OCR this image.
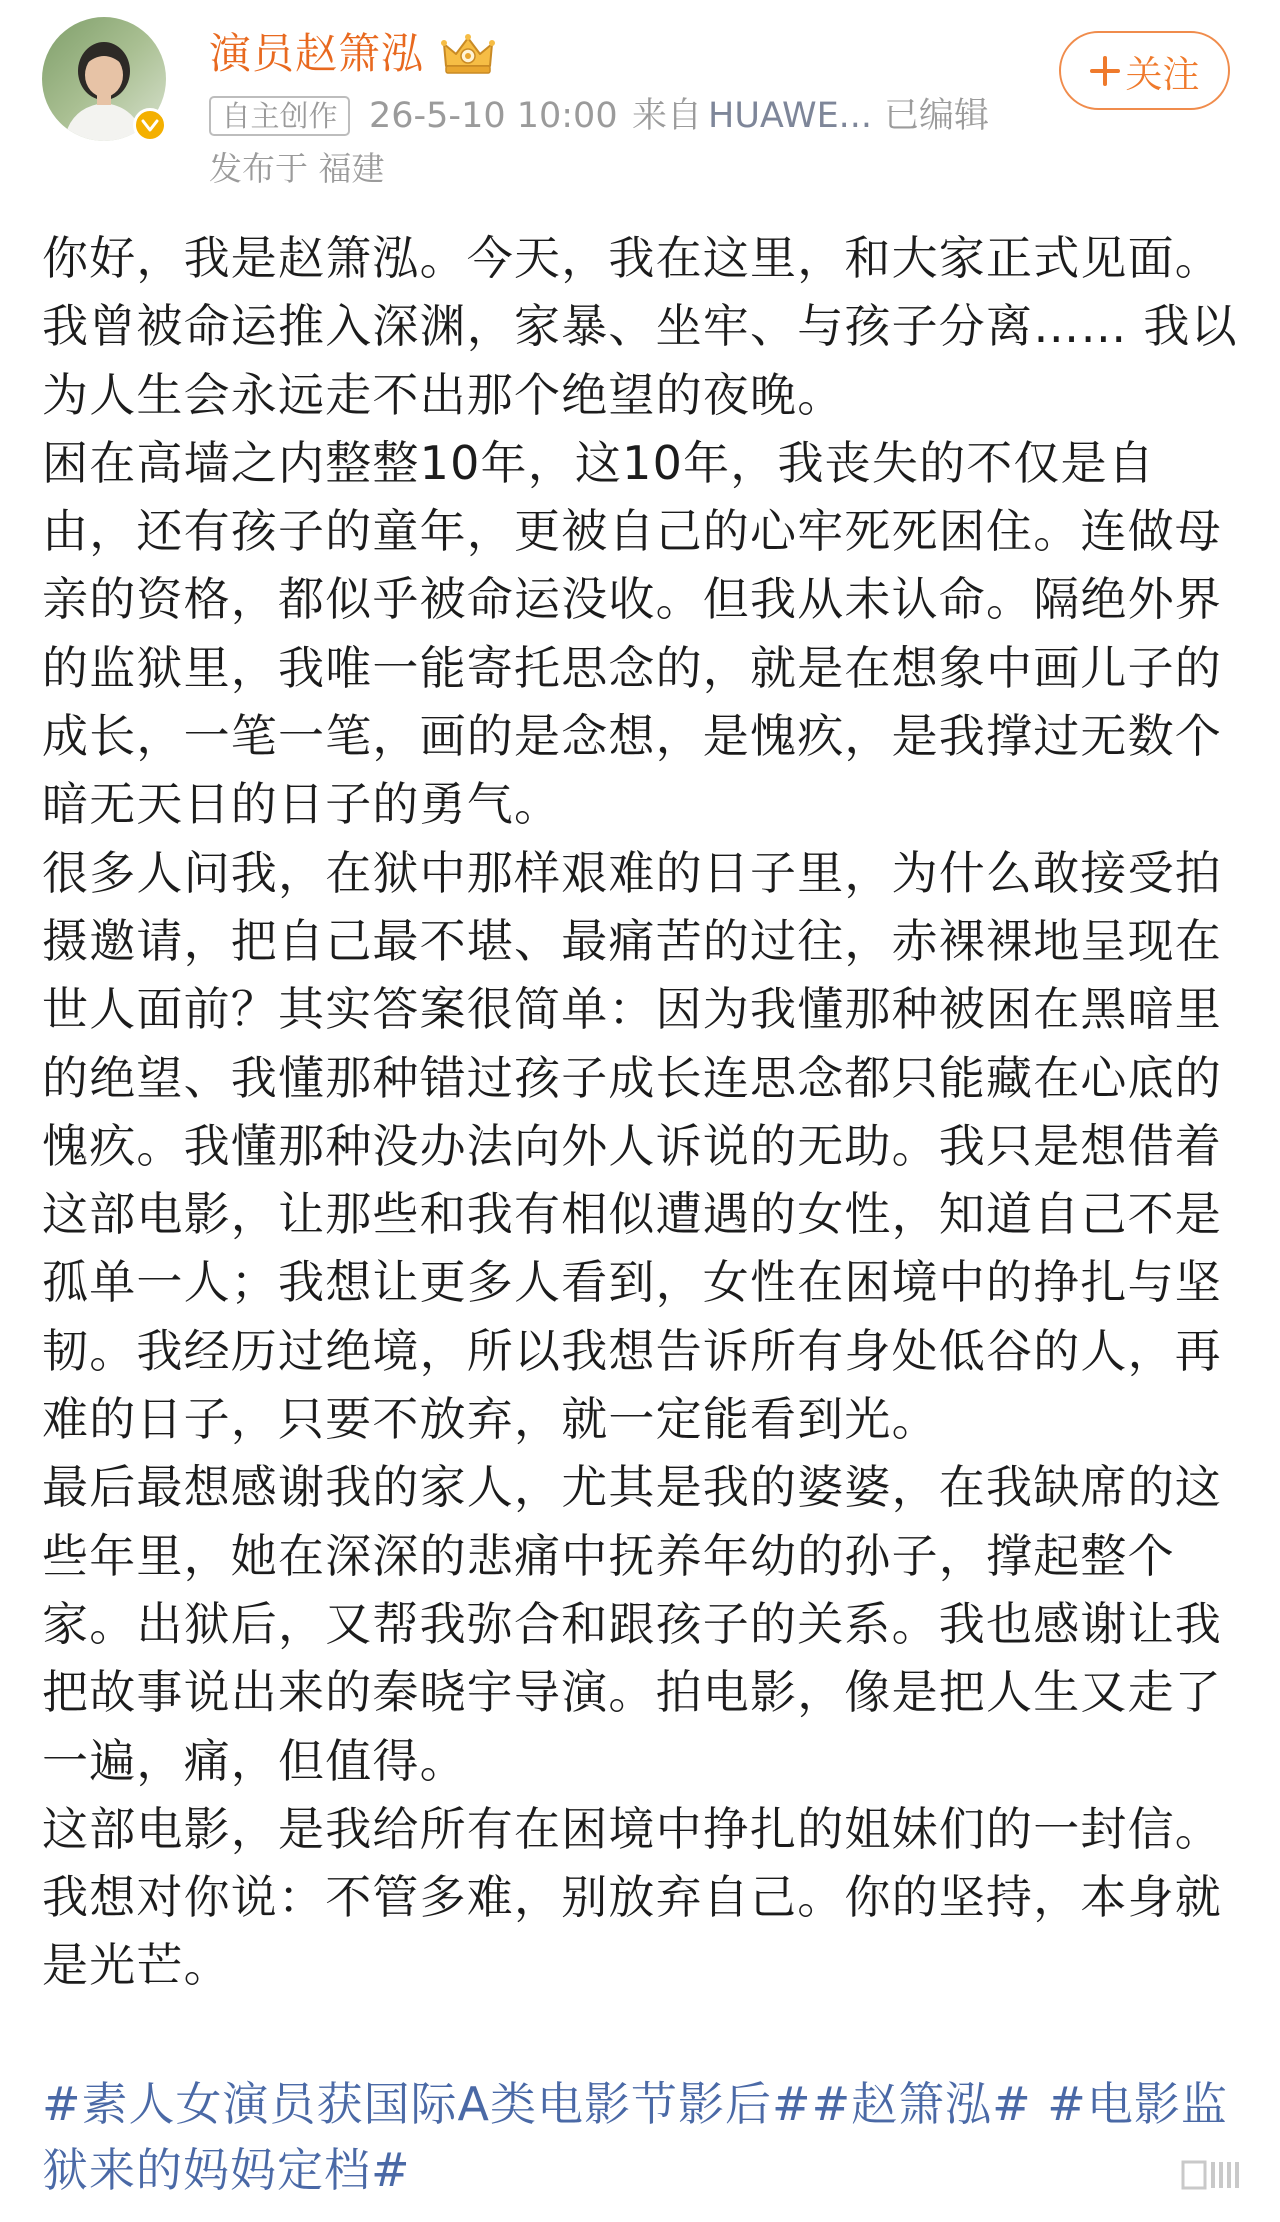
演员赵箫泓	关注
自主创作 26-5-10 10:00 来自 HUAWE... 已编辑
发布于 福建
你好，我是赵箫泓。今天，我在这里，和大家正式见面。
我曾被命运推入深渊，家暴、坐牢、与孩子分离…… 我以
为人生会永远走不出那个绝望的夜晚。
困在高墙之内整整10年，这10年，我丧失的不仅是自
由，还有孩子的童年，更被自己的心牢死死困住。连做母
亲的资格，都似乎被命运没收。但我从未认命。隔绝外界
的监狱里，我唯一能寄托思念的，就是在想象中画儿子的
成长，一笔一笔，画的是念想，是愧疚，是我撑过无数个
暗无天日的日子的勇气。
很多人问我，在狱中那样艰难的日子里，为什么敢接受拍
摄邀请，把自己最不堪、最痛苦的过往，赤裸裸地呈现在
世人面前？其实答案很简单：因为我懂那种被困在黑暗里
的绝望、我懂那种错过孩子成长连思念都只能藏在心底的
愧疚。我懂那种没办法向外人诉说的无助。我只是想借着
这部电影，让那些和我有相似遭遇的女性，知道自己不是
孤单一人；我想让更多人看到，女性在困境中的挣扎与坚
韧。我经历过绝境，所以我想告诉所有身处低谷的人，再
难的日子，只要不放弃，就一定能看到光。
最后最想感谢我的家人，尤其是我的婆婆，在我缺席的这
些年里，她在深深的悲痛中抚养年幼的孙子，撑起整个
家。出狱后，又帮我弥合和跟孩子的关系。我也感谢让我
把故事说出来的秦晓宇导演。拍电影，像是把人生又走了
一遍，痛，但值得。
这部电影，是我给所有在困境中挣扎的姐妹们的一封信。
我想对你说：不管多难，别放弃自己。你的坚持，本身就
是光芒。
#素人女演员获国际A类电影节影后##赵箫泓# #电影监
狱来的妈妈定档#
